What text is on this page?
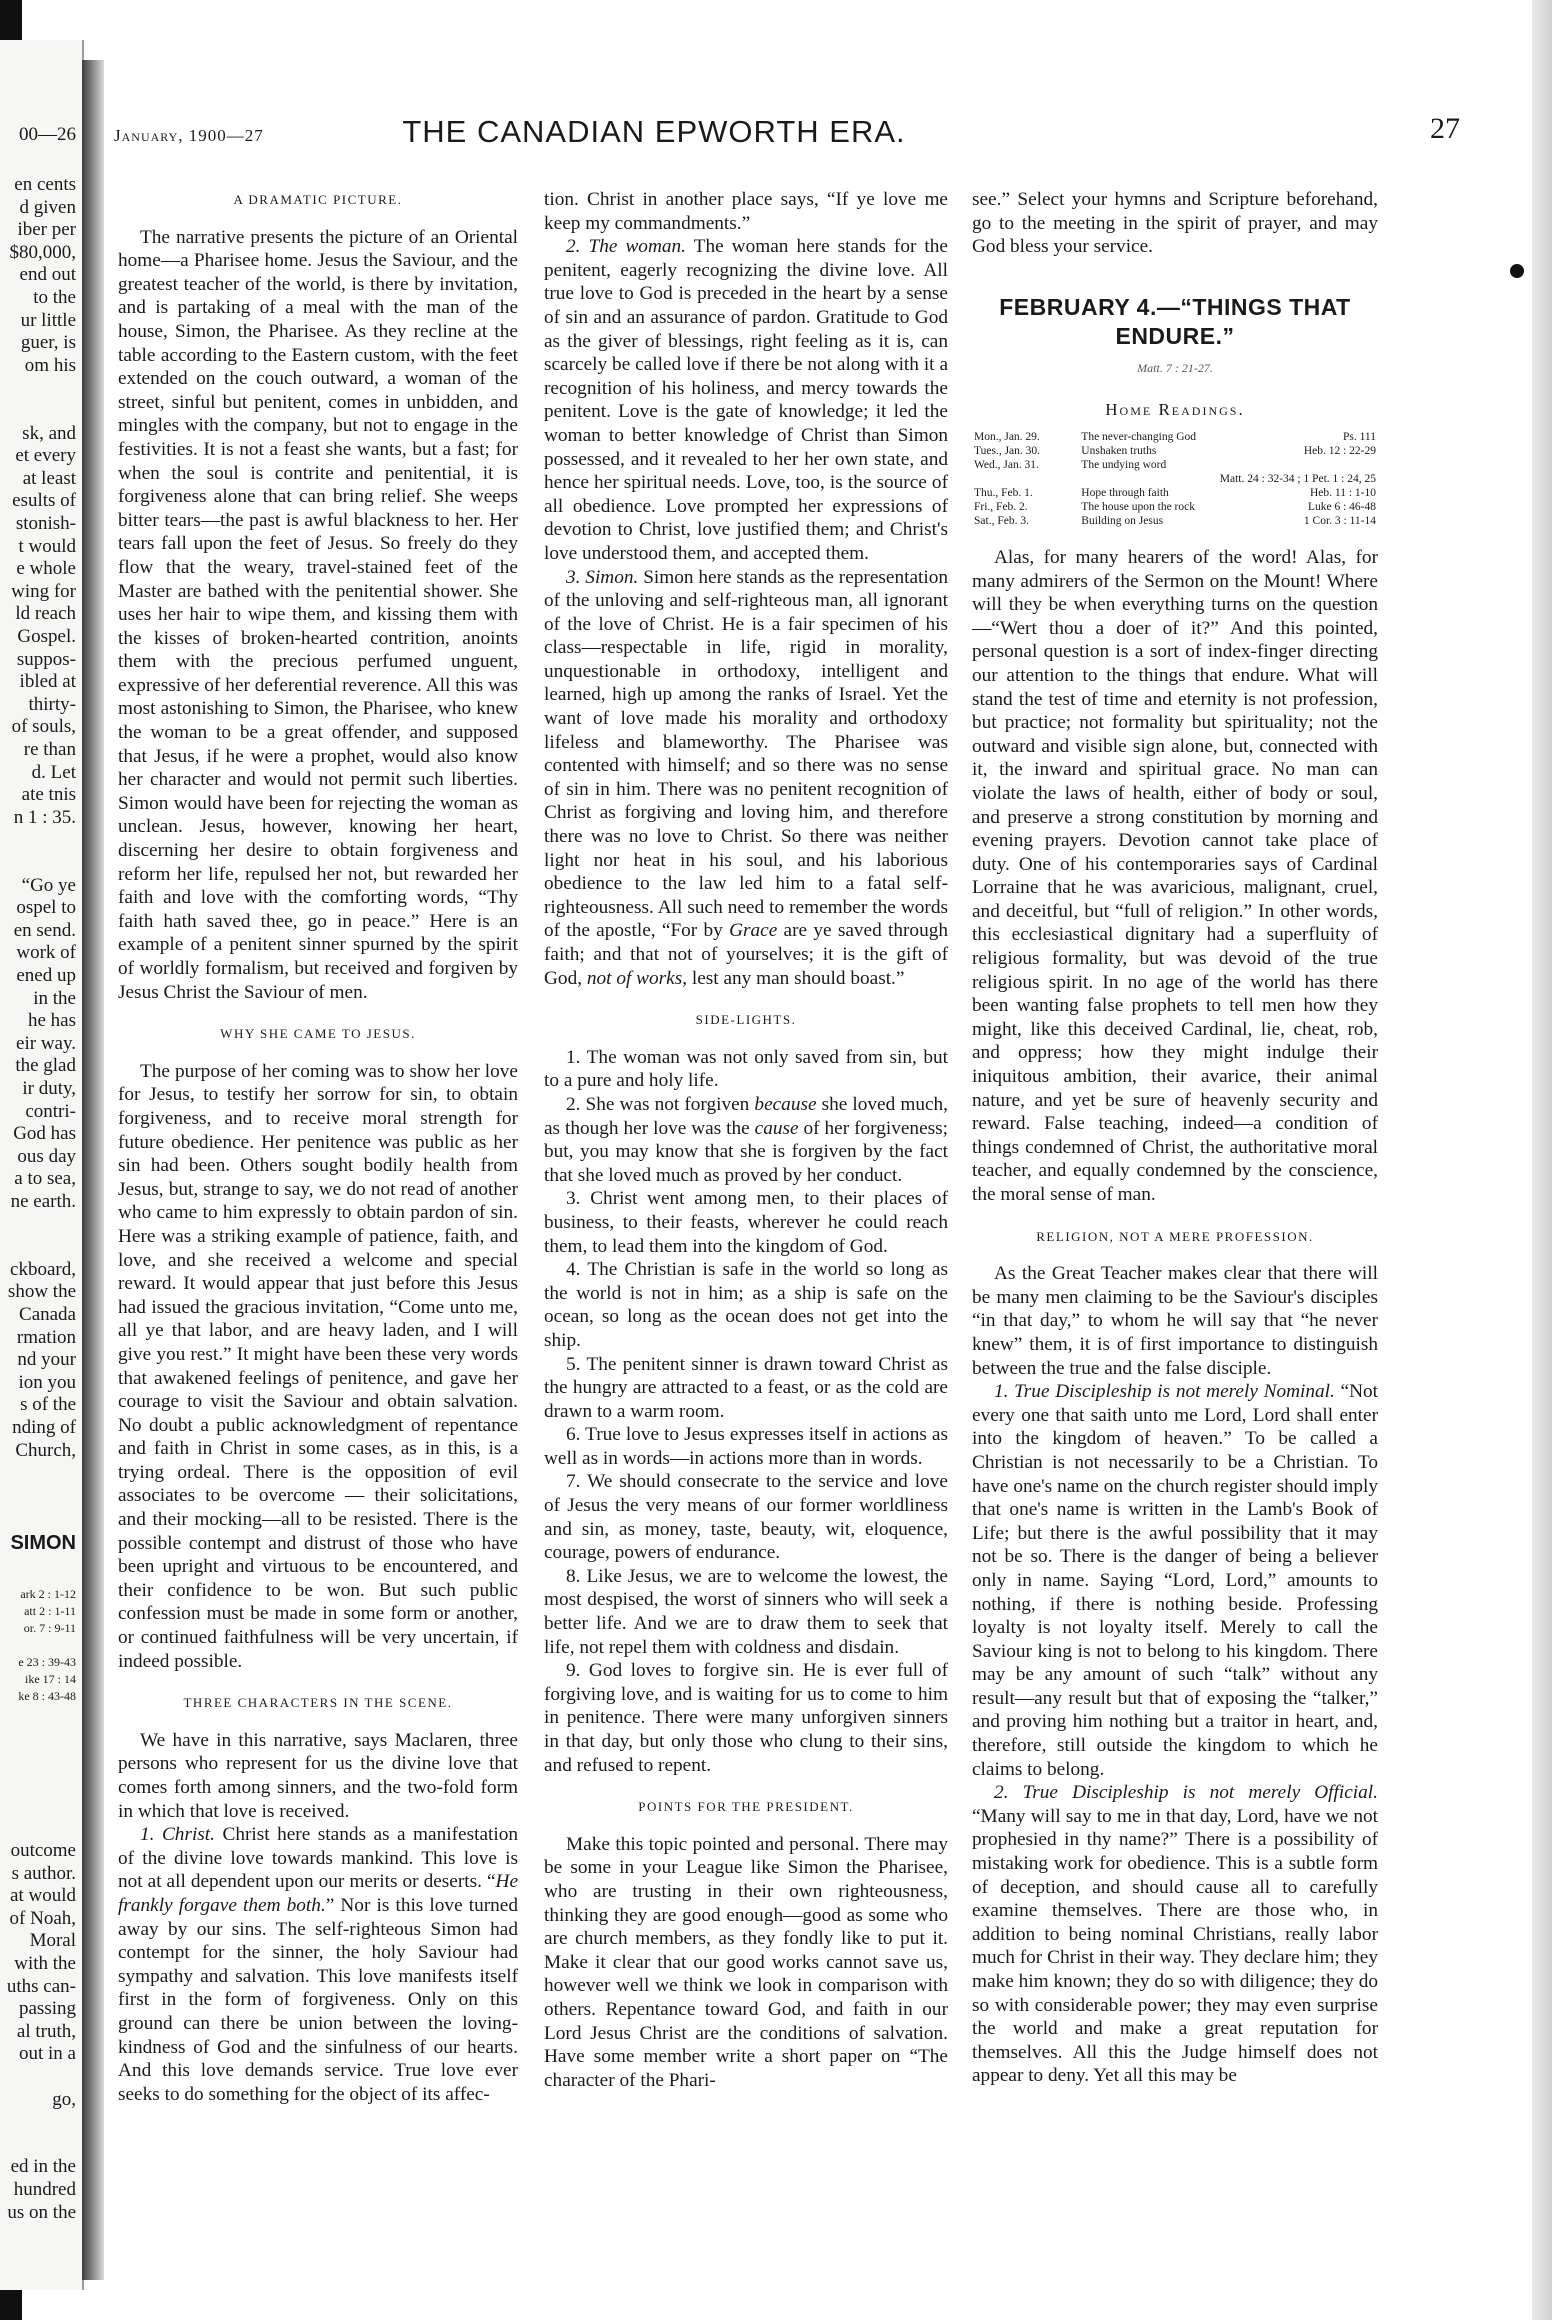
00—26
en cents
d given
iber per
$80,000,
end out
to the
ur little
guer, is
om his
sk, and
et every
at least
esults of
stonish-
t would
e whole
wing for
ld reach
Gospel.
suppos-
ibled at
thirty-
of souls,
re than
d. Let
ate tnis
n 1 : 35.
“Go ye
ospel to
en send.
work of
ened up
in the
he has
eir way.
the glad
ir duty,
contri-
God has
ous day
a to sea,
ne earth.
ckboard,
show the
Canada
rmation
nd your
ion you
s of the
nding of
Church,
SIMON
ark 2 : 1-12
att 2 : 1-11
or. 7 : 9-11
e 23 : 39-43
ike 17 : 14
ke 8 : 43-48
outcome
s author.
at would
of Noah,
Moral
with the
uths can-
passing
al truth,
out in a
go,
ed in the
hundred
us on the
January, 1900—27	THE CANADIAN EPWORTH ERA.	27
A DRAMATIC PICTURE.

The narrative presents the picture of an Oriental home—a Pharisee home. Jesus the Saviour, and the greatest teacher of the world, is there by invitation, and is partaking of a meal with the man of the house, Simon, the Pharisee. As they recline at the table according to the Eastern custom, with the feet extended on the couch outward, a woman of the street, sinful but penitent, comes in unbidden, and mingles with the company, but not to engage in the festivities. It is not a feast she wants, but a fast; for when the soul is contrite and penitential, it is forgiveness alone that can bring relief. She weeps bitter tears—the past is awful blackness to her. Her tears fall upon the feet of Jesus. So freely do they flow that the weary, travel-stained feet of the Master are bathed with the penitential shower. She uses her hair to wipe them, and kissing them with the kisses of broken-hearted contrition, anoints them with the precious perfumed unguent, expressive of her deferential reverence. All this was most astonishing to Simon, the Pharisee, who knew the woman to be a great offender, and supposed that Jesus, if he were a prophet, would also know her character and would not permit such liberties. Simon would have been for rejecting the woman as unclean. Jesus, however, knowing her heart, discerning her desire to obtain forgiveness and reform her life, repulsed her not, but rewarded her faith and love with the comforting words, “Thy faith hath saved thee, go in peace.” Here is an example of a penitent sinner spurned by the spirit of worldly formalism, but received and forgiven by Jesus Christ the Saviour of men.

WHY SHE CAME TO JESUS.

The purpose of her coming was to show her love for Jesus, to testify her sorrow for sin, to obtain forgiveness, and to receive moral strength for future obedience. Her penitence was public as her sin had been. Others sought bodily health from Jesus, but, strange to say, we do not read of another who came to him expressly to obtain pardon of sin. Here was a striking example of patience, faith, and love, and she received a welcome and special reward. It would appear that just before this Jesus had issued the gracious invitation, “Come unto me, all ye that labor, and are heavy laden, and I will give you rest.” It might have been these very words that awakened feelings of penitence, and gave her courage to visit the Saviour and obtain salvation. No doubt a public acknowledgment of repentance and faith in Christ in some cases, as in this, is a trying ordeal. There is the opposition of evil associates to be overcome — their solicitations, and their mocking—all to be resisted. There is the possible contempt and distrust of those who have been upright and virtuous to be encountered, and their confidence to be won. But such public confession must be made in some form or another, or continued faithfulness will be very uncertain, if indeed possible.

THREE CHARACTERS IN THE SCENE.

We have in this narrative, says Maclaren, three persons who represent for us the divine love that comes forth among sinners, and the two-fold form in which that love is received.

1. Christ. Christ here stands as a manifestation of the divine love towards mankind. This love is not at all dependent upon our merits or deserts. “He frankly forgave them both.” Nor is this love turned away by our sins. The self-righteous Simon had contempt for the sinner, the holy Saviour had sympathy and salvation. This love manifests itself first in the form of forgiveness. Only on this ground can there be union between the loving-kindness of God and the sinfulness of our hearts. And this love demands service. True love ever seeks to do something for the object of its affec-

tion. Christ in another place says, “If ye love me keep my commandments.”

2. The woman. The woman here stands for the penitent, eagerly recognizing the divine love. All true love to God is preceded in the heart by a sense of sin and an assurance of pardon. Gratitude to God as the giver of blessings, right feeling as it is, can scarcely be called love if there be not along with it a recognition of his holiness, and mercy towards the penitent. Love is the gate of knowledge; it led the woman to better knowledge of Christ than Simon possessed, and it revealed to her her own state, and hence her spiritual needs. Love, too, is the source of all obedience. Love prompted her expressions of devotion to Christ, love justified them; and Christ's love understood them, and accepted them.

3. Simon. Simon here stands as the representation of the unloving and self-righteous man, all ignorant of the love of Christ. He is a fair specimen of his class—respectable in life, rigid in morality, unquestionable in orthodoxy, intelligent and learned, high up among the ranks of Israel. Yet the want of love made his morality and orthodoxy lifeless and blameworthy. The Pharisee was contented with himself; and so there was no sense of sin in him. There was no penitent recognition of Christ as forgiving and loving him, and therefore there was no love to Christ. So there was neither light nor heat in his soul, and his laborious obedience to the law led him to a fatal self-righteousness. All such need to remember the words of the apostle, “For by Grace are ye saved through faith; and that not of yourselves; it is the gift of God, not of works, lest any man should boast.”

SIDE-LIGHTS.

1. The woman was not only saved from sin, but to a pure and holy life.

2. She was not forgiven because she loved much, as though her love was the cause of her forgiveness; but, you may know that she is forgiven by the fact that she loved much as proved by her conduct.

3. Christ went among men, to their places of business, to their feasts, wherever he could reach them, to lead them into the kingdom of God.

4. The Christian is safe in the world so long as the world is not in him; as a ship is safe on the ocean, so long as the ocean does not get into the ship.

5. The penitent sinner is drawn toward Christ as the hungry are attracted to a feast, or as the cold are drawn to a warm room.

6. True love to Jesus expresses itself in actions as well as in words—in actions more than in words.

7. We should consecrate to the service and love of Jesus the very means of our former worldliness and sin, as money, taste, beauty, wit, eloquence, courage, powers of endurance.

8. Like Jesus, we are to welcome the lowest, the most despised, the worst of sinners who will seek a better life. And we are to draw them to seek that life, not repel them with coldness and disdain.

9. God loves to forgive sin. He is ever full of forgiving love, and is waiting for us to come to him in penitence. There were many unforgiven sinners in that day, but only those who clung to their sins, and refused to repent.

POINTS FOR THE PRESIDENT.

Make this topic pointed and personal. There may be some in your League like Simon the Pharisee, who are trusting in their own righteousness, thinking they are good enough—good as some who are church members, as they fondly like to put it. Make it clear that our good works cannot save us, however well we think we look in comparison with others. Repentance toward God, and faith in our Lord Jesus Christ are the conditions of salvation. Have some member write a short paper on “The character of the Phari-

see.” Select your hymns and Scripture beforehand, go to the meeting in the spirit of prayer, and may God bless your service.

FEBRUARY 4.—“THINGS THAT ENDURE.”
Matt. 7 : 21-27.
Home Readings.
Mon., Jan. 29.	The never-changing God	Ps. 111
Tues., Jan. 30.	Unshaken truths	Heb. 12 : 22-29
Wed., Jan. 31.	The undying word	
	Matt. 24 : 32-34 ; 1 Pet. 1 : 24, 25	
Thu., Feb. 1.	Hope through faith	Heb. 11 : 1-10
Fri., Feb. 2.	The house upon the rock	Luke 6 : 46-48
Sat., Feb. 3.	Building on Jesus	1 Cor. 3 : 11-14

Alas, for many hearers of the word! Alas, for many admirers of the Sermon on the Mount! Where will they be when everything turns on the question—“Wert thou a doer of it?” And this pointed, personal question is a sort of index-finger directing our attention to the things that endure. What will stand the test of time and eternity is not profession, but practice; not formality but spirituality; not the outward and visible sign alone, but, connected with it, the inward and spiritual grace. No man can violate the laws of health, either of body or soul, and preserve a strong constitution by morning and evening prayers. Devotion cannot take place of duty. One of his contemporaries says of Cardinal Lorraine that he was avaricious, malignant, cruel, and deceitful, but “full of religion.” In other words, this ecclesiastical dignitary had a superfluity of religious formality, but was devoid of the true religious spirit. In no age of the world has there been wanting false prophets to tell men how they might, like this deceived Cardinal, lie, cheat, rob, and oppress; how they might indulge their iniquitous ambition, their avarice, their animal nature, and yet be sure of heavenly security and reward. False teaching, indeed—a condition of things condemned of Christ, the authoritative moral teacher, and equally condemned by the conscience, the moral sense of man.

RELIGION, NOT A MERE PROFESSION.

As the Great Teacher makes clear that there will be many men claiming to be the Saviour's disciples “in that day,” to whom he will say that “he never knew” them, it is of first importance to distinguish between the true and the false disciple.

1. True Discipleship is not merely Nominal. “Not every one that saith unto me Lord, Lord shall enter into the kingdom of heaven.” To be called a Christian is not necessarily to be a Christian. To have one's name on the church register should imply that one's name is written in the Lamb's Book of Life; but there is the awful possibility that it may not be so. There is the danger of being a believer only in name. Saying “Lord, Lord,” amounts to nothing, if there is nothing beside. Professing loyalty is not loyalty itself. Merely to call the Saviour king is not to belong to his kingdom. There may be any amount of such “talk” without any result—any result but that of exposing the “talker,” and proving him nothing but a traitor in heart, and, therefore, still outside the kingdom to which he claims to belong.

2. True Discipleship is not merely Official. “Many will say to me in that day, Lord, have we not prophesied in thy name?” There is a possibility of mistaking work for obedience. This is a subtle form of deception, and should cause all to carefully examine themselves. There are those who, in addition to being nominal Christians, really labor much for Christ in their way. They declare him; they make him known; they do so with diligence; they do so with considerable power; they may even surprise the world and make a great reputation for themselves. All this the Judge himself does not appear to deny. Yet all this may be
